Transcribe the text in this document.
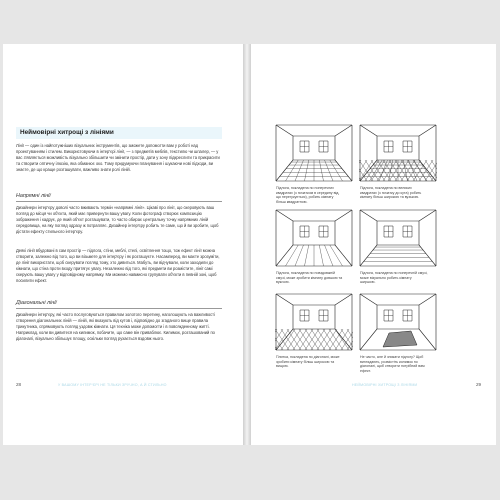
Неймовірні хитрощі з лініями
Лінії — один із найпотужніших візуальних інструментів, що зможете допомогти вам у роботі над проектуванням і стилем. Використовуючи в інтер'єрі лінії, — з предметів меблів, текстилю чи шпалер, — у вас з'являється можливість візуально збільшити чи змінити простір, дати у зону підкреслити та прикрасити та створити оптичну ілюзію, яка обманює око. Тому придумуючи планування і шукаючи нові підходи, ви знаєте, де що краще розташувати, важливо знати ролі ліній.
Напрямні лінії
Дизайнери інтер'єру доволі часто вживають термін «напрямні лінії». Цікаві про лінії, що скеровують ваш погляд до місця чи об'єкта, який має привернути вашу увагу. Коли фотограф створює композицію зображення і кадрує, де який об'єкт розташувати, то часто обирає центральну точку напрямних ліній середовища, на яку погляд одразу ж потрапляє. Дизайнер інтер'єру робить те саме, що й ви зробите, щоб дістати ефекту стильного інтер'єру.
Деякі лінії вбудовані в сам простір — підлога, стіни, меблі, стелі, освітлення тощо, тож ефект лінії можна створити, залежно від того, що ви візьмете для інтер'єру і як розташуєте. Насамперед, ви маєте зрозуміти, де лінії використати, щоб скерувати погляд тому, хто дивиться. Мабуть, ви відчували, коли заходили до кімнати, що стіна проти входу притягує увагу. Незалежно від того, які предмети ви розмістите, лінії самі скерують вашу увагу у відповідному напрямку. Ми можемо навмисно групувати об'єкти в певній зоні, щоб посилити ефект.
Діагональні лінії
Дизайнери інтер'єру, які часто послуговуються правилом золотого перетину, наголошують на важливості створення діагональних ліній — ліній, які вказують від кутов і, відповідно до згаданого вище правила трикутника, спрямовують погляд уздовж кімнати. Ця техніка може допомогти і в повсякденному житті. Наприклад, коли ви дивитеся на килимок, побачите, що саме він приваблює. Килимок, розташований по діагоналі, візуально збільшує площу, оскільки погляд рухається вздовж нього.
28	У ВАШОМУ ІНТЕР'ЄРІ НЕ ТІЛЬКИ ЗРУЧНО, А Й СТИЛЬНО	29
НЕЙМОВІРНІ ХИТРОЩІ З ЛІНІЯМИ
Підлога, покладена по поперечних квадратах (з початком в середину від, що перегукується), робить кімнату більш квадратною.
Підлога, покладена по великих квадратах (з початку до кута) робить кімнату більш широкою та вузькою.
Підлога, покладена по повздовжній смузі, може зробити кімнату довшою та вужчою.
Підлога, покладена по поперечній смузі, може візуально робить кімнату ширшою.
Плитка, покладена по діагоналі, може зробити кімнату більш широкою та вищою.
Не часто, але й зникати підлогу? Щоб виглядають, розмістіть килимок по діагоналі, щоб створити потрібний вам ефект.
